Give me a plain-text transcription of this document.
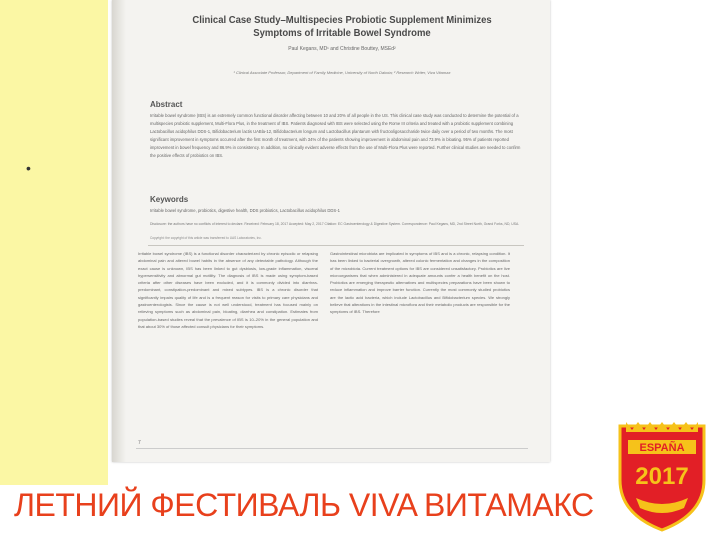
•
Clinical Case Study–Multispecies Probiotic Supplement Minimizes
Symptoms of Irritable Bowel Syndrome
Paul Kegans, MD¹ and Christine Bouttey, MSEd²
¹ Clinical Associate Professor, Department of Family Medicine, University of North Dakota; ² Research Writer, Viva Vitamax
Abstract
Irritable bowel syndrome (IBS) is an extremely common functional disorder affecting between 10 and 20% of all people in the US. This clinical case study was conducted to determine the potential of a multispecies probiotic supplement, Multi-Flora Plus, in the treatment of IBS. Patients diagnosed with IBS were selected using the Rome III criteria and treated with a probiotic supplement combining Lactobacillus acidophilus DDS-1, Bifidobacterium lactis UABla-12, Bifidobacterium longum and Lactobacillus plantarum with fructooligosaccharide twice daily over a period of two months. The most significant improvement in symptoms occurred after the first month of treatment, with 34% of the patients showing improvement in abdominal pain and 73.9% in bloating. 95% of patients reported improvement in bowel frequency and 86.9% in consistency. In addition, no clinically evident adverse effects from the use of Multi-Flora Plus were reported. Further clinical studies are needed to confirm the positive effects of probiotics on IBS.
Keywords
Irritable bowel syndrome, probiotics, digestive health, DDS probiotics, Lactobacillus acidophilus DDS-1
Disclosure: the authors have no conflicts of interest to declare. Received: February 18, 2017 Accepted: May 2, 2017 Citation: EC Gastroenterology & Digestive System. Correspondence: Paul Kegans, MD, 2nd Street North, Grand Forks, ND, USA.
Copyright: the copyright of this article was transferred to UAS Laboratories, Inc.
Irritable bowel syndrome (IBS) is a functional disorder characterized by chronic episodic or relapsing abdominal pain and altered bowel habits in the absence of any detectable pathology. Although the exact cause is unknown, IBS has been linked to gut dysbiosis, low-grade inflammation, visceral hypersensitivity and abnormal gut motility. The diagnosis of IBS is made using symptom-based criteria after other diseases have been excluded, and it is commonly divided into diarrhea-predominant, constipation-predominant and mixed subtypes. IBS is a chronic disorder that significantly impairs quality of life and is a frequent reason for visits to primary care physicians and gastroenterologists. Since the cause is not well understood, treatment has focused mainly on relieving symptoms such as abdominal pain, bloating, diarrhea and constipation. Estimates from population-based studies reveal that the prevalence of IBS is 10–20% in the general population and that about 30% of those affected consult physicians for their symptoms.
Gastrointestinal microbiota are implicated in symptoms of IBS and is a chronic, relapsing condition. It has been linked to bacterial overgrowth, altered colonic fermentation and changes in the composition of the microbiota. Current treatment options for IBS are considered unsatisfactory. Probiotics are live microorganisms that when administered in adequate amounts confer a health benefit on the host. Probiotics are emerging therapeutic alternatives and multispecies preparations have been shown to reduce inflammation and improve barrier function. Currently the most commonly studied probiotics are the lactic acid bacteria, which include Lactobacillus and Bifidobacterium species. We strongly believe that alterations in the intestinal microflora and their metabolic products are responsible for the symptoms of IBS. Therefore
7
ЛЕТНИЙ ФЕСТИВАЛЬ VIVA ВИТАМАКС
ESPAÑA
2017
